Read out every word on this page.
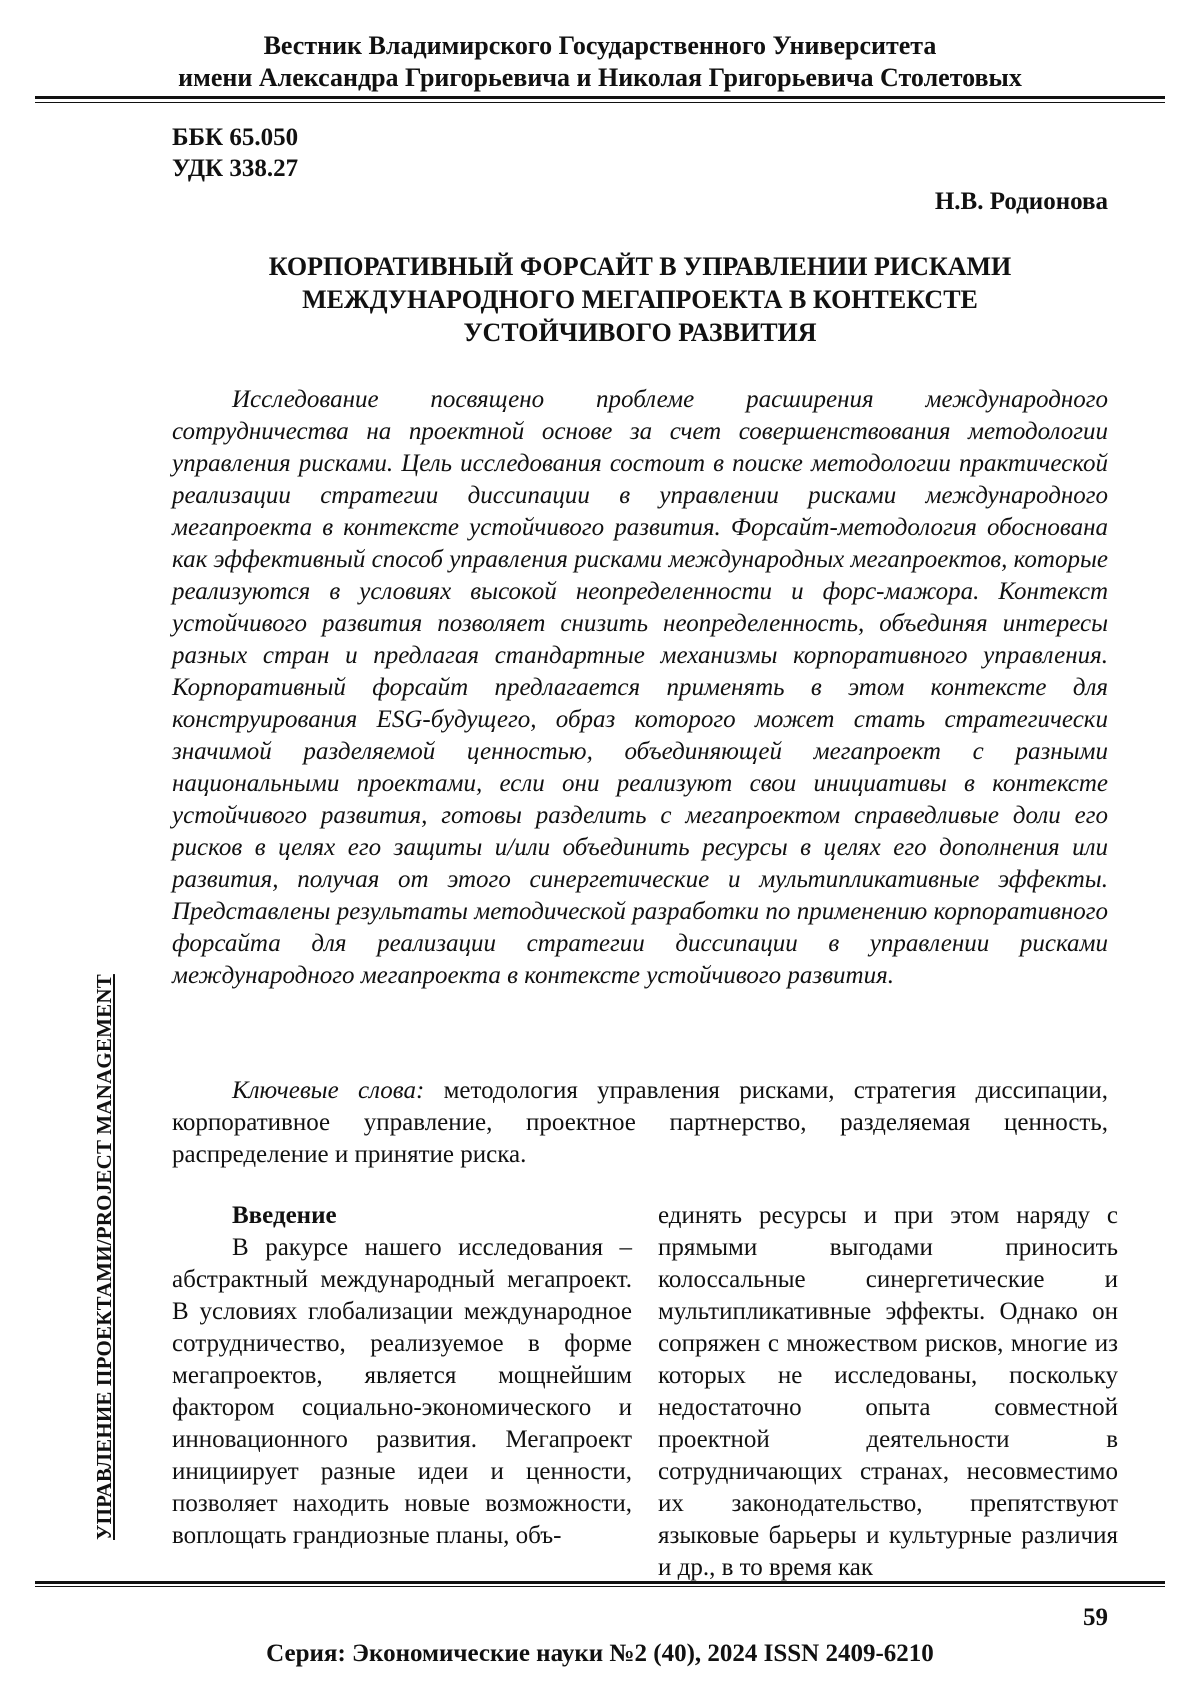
Вестник Владимирского Государственного Университета
имени Александра Григорьевича и Николая Григорьевича Столетовых
ББК 65.050
УДК 338.27
Н.В. Родионова
КОРПОРАТИВНЫЙ ФОРСАЙТ В УПРАВЛЕНИИ РИСКАМИ
МЕЖДУНАРОДНОГО МЕГАПРОЕКТА В КОНТЕКСТЕ
УСТОЙЧИВОГО РАЗВИТИЯ

Исследование посвящено проблеме расширения международного сотрудничества на проектной основе за счет совершенствования методологии управления рисками. Цель исследования состоит в поиске методологии практической реализации стратегии диссипации в управлении рисками международного мегапроекта в контексте устойчивого развития. Форсайт-методология обоснована как эффективный способ управления рисками международных мегапроектов, которые реализуются в условиях высокой неопределенности и форс-мажора. Контекст устойчивого развития позволяет снизить неопределенность, объединяя интересы разных стран и предлагая стандартные механизмы корпоративного управления. Корпоративный форсайт предлагается применять в этом контексте для конструирования ESG-будущего, образ которого может стать стратегически значимой разделяемой ценностью, объединяющей мегапроект с разными национальными проектами, если они реализуют свои инициативы в контексте устойчивого развития, готовы разделить с мегапроектом справедливые доли его рисков в целях его защиты и/или объединить ресурсы в целях его дополнения или развития, получая от этого синергетические и мультипликативные эффекты. Представлены результаты методической разработки по применению корпоративного форсайта для реализации стратегии диссипации в управлении рисками международного мегапроекта в контексте устойчивого развития.

Ключевые слова: методология управления рисками, стратегия диссипации, корпоративное управление, проектное партнерство, разделяемая ценность, распределение и принятие риска.

Введение

В ракурсе нашего исследования – абстрактный международный мегапроект. В условиях глобализации международное сотрудничество, реализуемое в форме мегапроектов, является мощнейшим фактором социально-экономического и инновационного развития. Мегапроект инициирует разные идеи и ценности, позволяет находить новые возможности, воплощать грандиозные планы, объ-

единять ресурсы и при этом наряду с прямыми выгодами приносить колоссальные синергетические и мультипликативные эффекты. Однако он сопряжен с множеством рисков, многие из которых не исследованы, поскольку недостаточно опыта совместной проектной деятельности в сотрудничающих странах, несовместимо их законодательство, препятствуют языковые барьеры и культурные различия и др., в то время как

УПРАВЛЕНИЕ ПРОЕКТАМИ/PROJECT MANAGEMENT
59
Серия: Экономические науки №2 (40), 2024 ISSN 2409-6210
